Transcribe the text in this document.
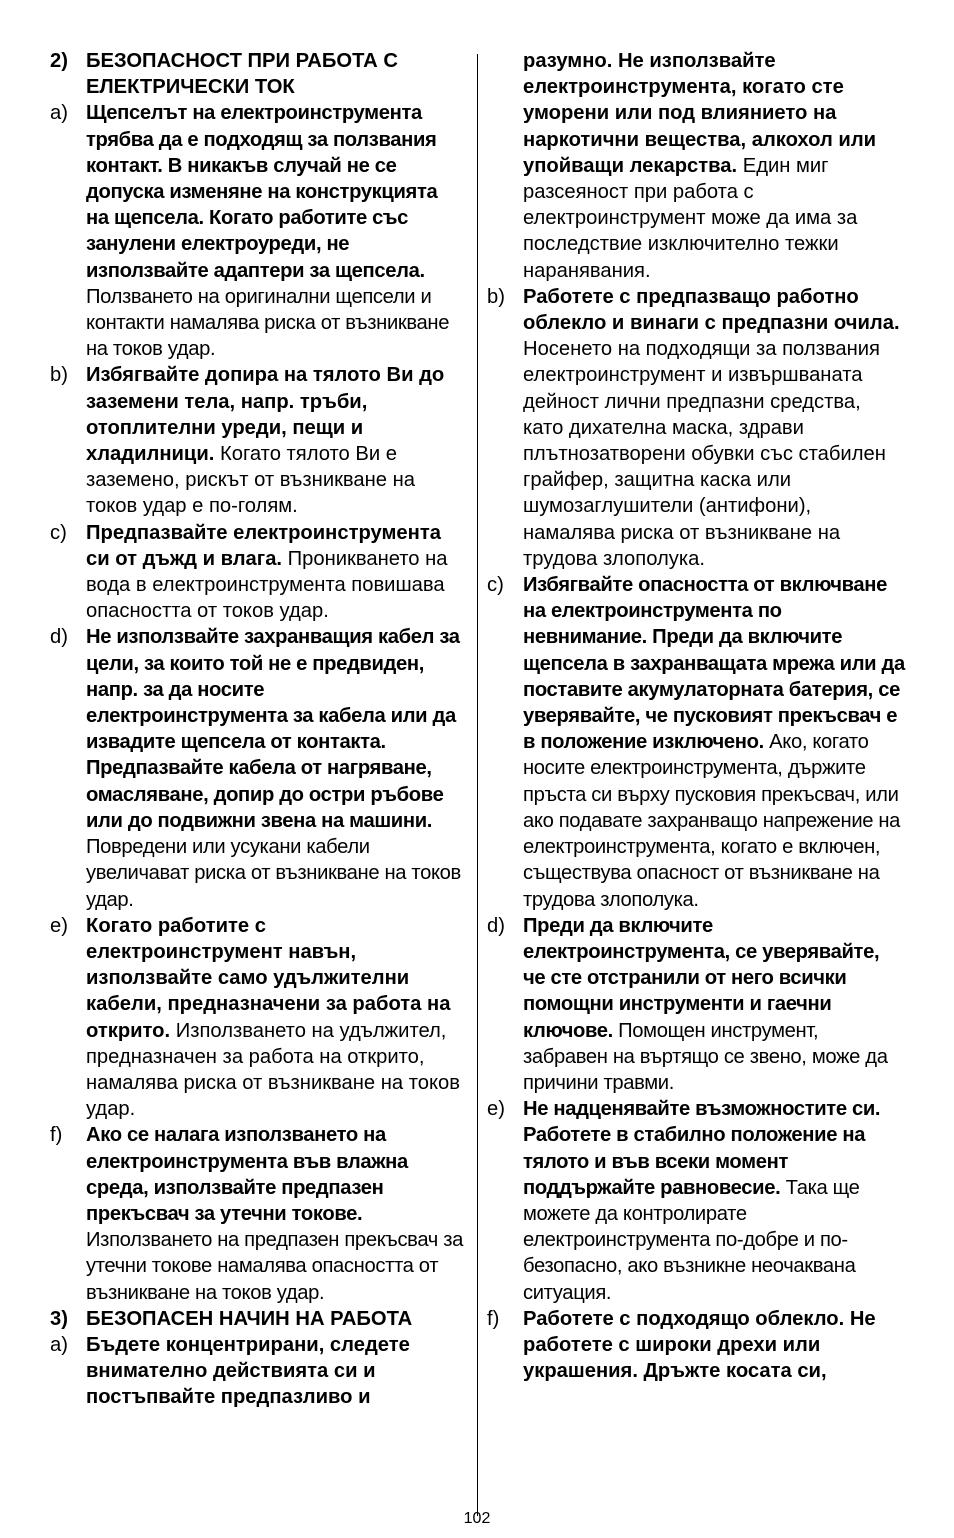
2) БЕЗОПАСНОСТ ПРИ РАБОТА С ЕЛЕКТРИЧЕСКИ ТОК
a) Щепселът на електроинструмента трябва да е подходящ за ползвания контакт. В никакъв случай не се допуска изменяне на конструкцията на щепсела. Когато работите със занулени електроуреди, не използвайте адаптери за щепсела. Ползването на оригинални щепсели и контакти намалява риска от възникване на токов удар.
b) Избягвайте допира на тялото Ви до заземени тела, напр. тръби, отоплителни уреди, пещи и хладилници. Когато тялото Ви е заземено, рискът от възникване на токов удар е по-голям.
c) Предпазвайте електроинструмента си от дъжд и влага. Проникването на вода в електроинструмента повишава опасността от токов удар.
d) Не използвайте захранващия кабел за цели, за които той не е предвиден, напр. за да носите електроинструмента за кабела или да извадите щепсела от контакта. Предпазвайте кабела от нагряване, омасляване, допир до остри ръбове или до подвижни звена на машини. Повредени или усукани кабели увеличават риска от възникване на токов удар.
e) Когато работите с електроинструмент навън, използвайте само удължителни кабели, предназначени за работа на открито. Използването на удължител, предназначен за работа на открито, намалява риска от възникване на токов удар.
f)	Ако се налага използването на електроинструмента във влажна среда, използвайте предпазен прекъсвач за утечни токове. Използването на предпазен прекъсвач за утечни токове намалява опасността от възникване на токов удар.
3) БЕЗОПАСЕН НАЧИН НА РАБОТА
a) Бъдете концентрирани, следете внимателно действията си и постъпвайте предпазливо и
разумно. Не използвайте електроинструмента, когато сте уморени или под влиянието на наркотични вещества, алкохол или упойващи лекарства. Един миг разсеяност при работа с електроинструмент може да има за последствие изключително тежки наранявания.
b) Работете с предпазващо работно облекло и винаги с предпазни очила. Носенето на подходящи за ползвания електроинструмент и извършваната дейност лични предпазни средства, като дихателна маска, здрави плътнозатворени обувки със стабилен грайфер, защитна каска или шумозаглушители (антифони), намалява риска от възникване на трудова злополука.
c) Избягвайте опасността от включване на електроинструмента по невнимание. Преди да включите щепсела в захранващата мрежа или да поставите акумулаторната батерия, се уверявайте, че пусковият прекъсвач е в положение изключено. Ако, когато носите електроинструмента, държите пръста си върху пусковия прекъсвач, или ако подавате захранващо напрежение на електроинструмента, когато е включен, съществува опасност от възникване на трудова злополука.
d) Преди да включите електроинструмента, се уверявайте, че сте отстранили от него всички помощни инструменти и гаечни ключове. Помощен инструмент, забравен на въртящо се звено, може да причини травми.
e) Не надценявайте възможностите си. Работете в стабилно положение на тялото и във всеки момент поддържайте равновесие. Така ще можете да контролирате електроинструмента по-добре и по-безопасно, ако възникне неочаквана ситуация.
f)	Работете с подходящо облекло. Не работете с широки дрехи или украшения. Дръжте косата си,
102
